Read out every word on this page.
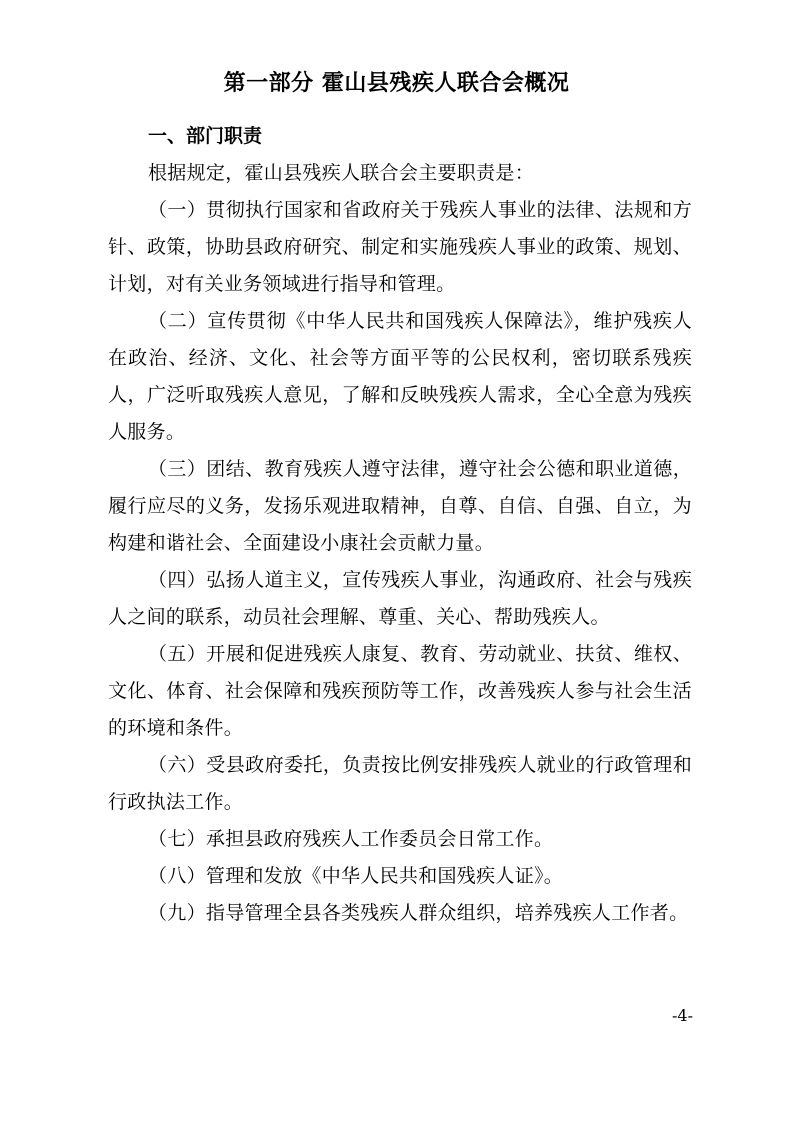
第一部分 霍山县残疾人联合会概况
一、部门职责

根据规定，霍山县残疾人联合会主要职责是：

（一）贯彻执行国家和省政府关于残疾人事业的法律、法规和方针、政策，协助县政府研究、制定和实施残疾人事业的政策、规划、计划，对有关业务领域进行指导和管理。

（二）宣传贯彻《中华人民共和国残疾人保障法》，维护残疾人在政治、经济、文化、社会等方面平等的公民权利，密切联系残疾人，广泛听取残疾人意见，了解和反映残疾人需求，全心全意为残疾人服务。

（三）团结、教育残疾人遵守法律，遵守社会公德和职业道德，履行应尽的义务，发扬乐观进取精神，自尊、自信、自强、自立，为构建和谐社会、全面建设小康社会贡献力量。

（四）弘扬人道主义，宣传残疾人事业，沟通政府、社会与残疾人之间的联系，动员社会理解、尊重、关心、帮助残疾人。

（五）开展和促进残疾人康复、教育、劳动就业、扶贫、维权、文化、体育、社会保障和残疾预防等工作，改善残疾人参与社会生活的环境和条件。

（六）受县政府委托，负责按比例安排残疾人就业的行政管理和行政执法工作。

（七）承担县政府残疾人工作委员会日常工作。

（八）管理和发放《中华人民共和国残疾人证》。

（九）指导管理全县各类残疾人群众组织，培养残疾人工作者。

-4-
